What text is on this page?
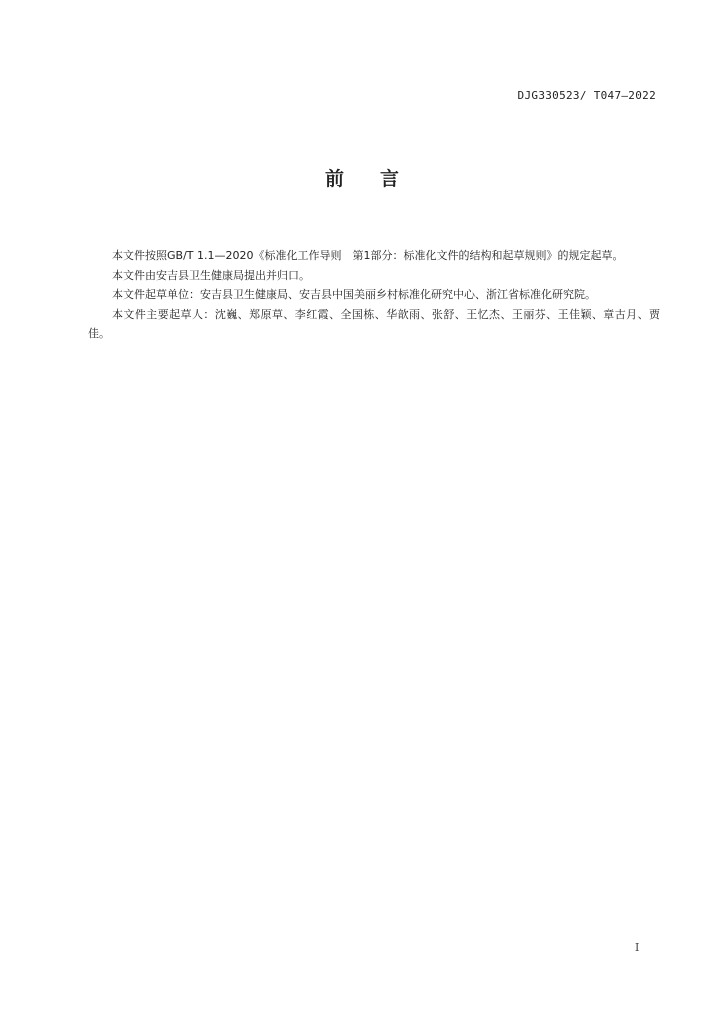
DJG330523/ T047—2022
前言

本文件按照GB/T 1.1—2020《标准化工作导则　第1部分：标准化文件的结构和起草规则》的规定起草。

本文件由安吉县卫生健康局提出并归口。

本文件起草单位：安吉县卫生健康局、安吉县中国美丽乡村标准化研究中心、浙江省标准化研究院。

本文件主要起草人：沈巍、郑原草、李红霞、全国栋、华歆雨、张舒、王忆杰、王丽芬、王佳颖、章古月、贾佳。

I
